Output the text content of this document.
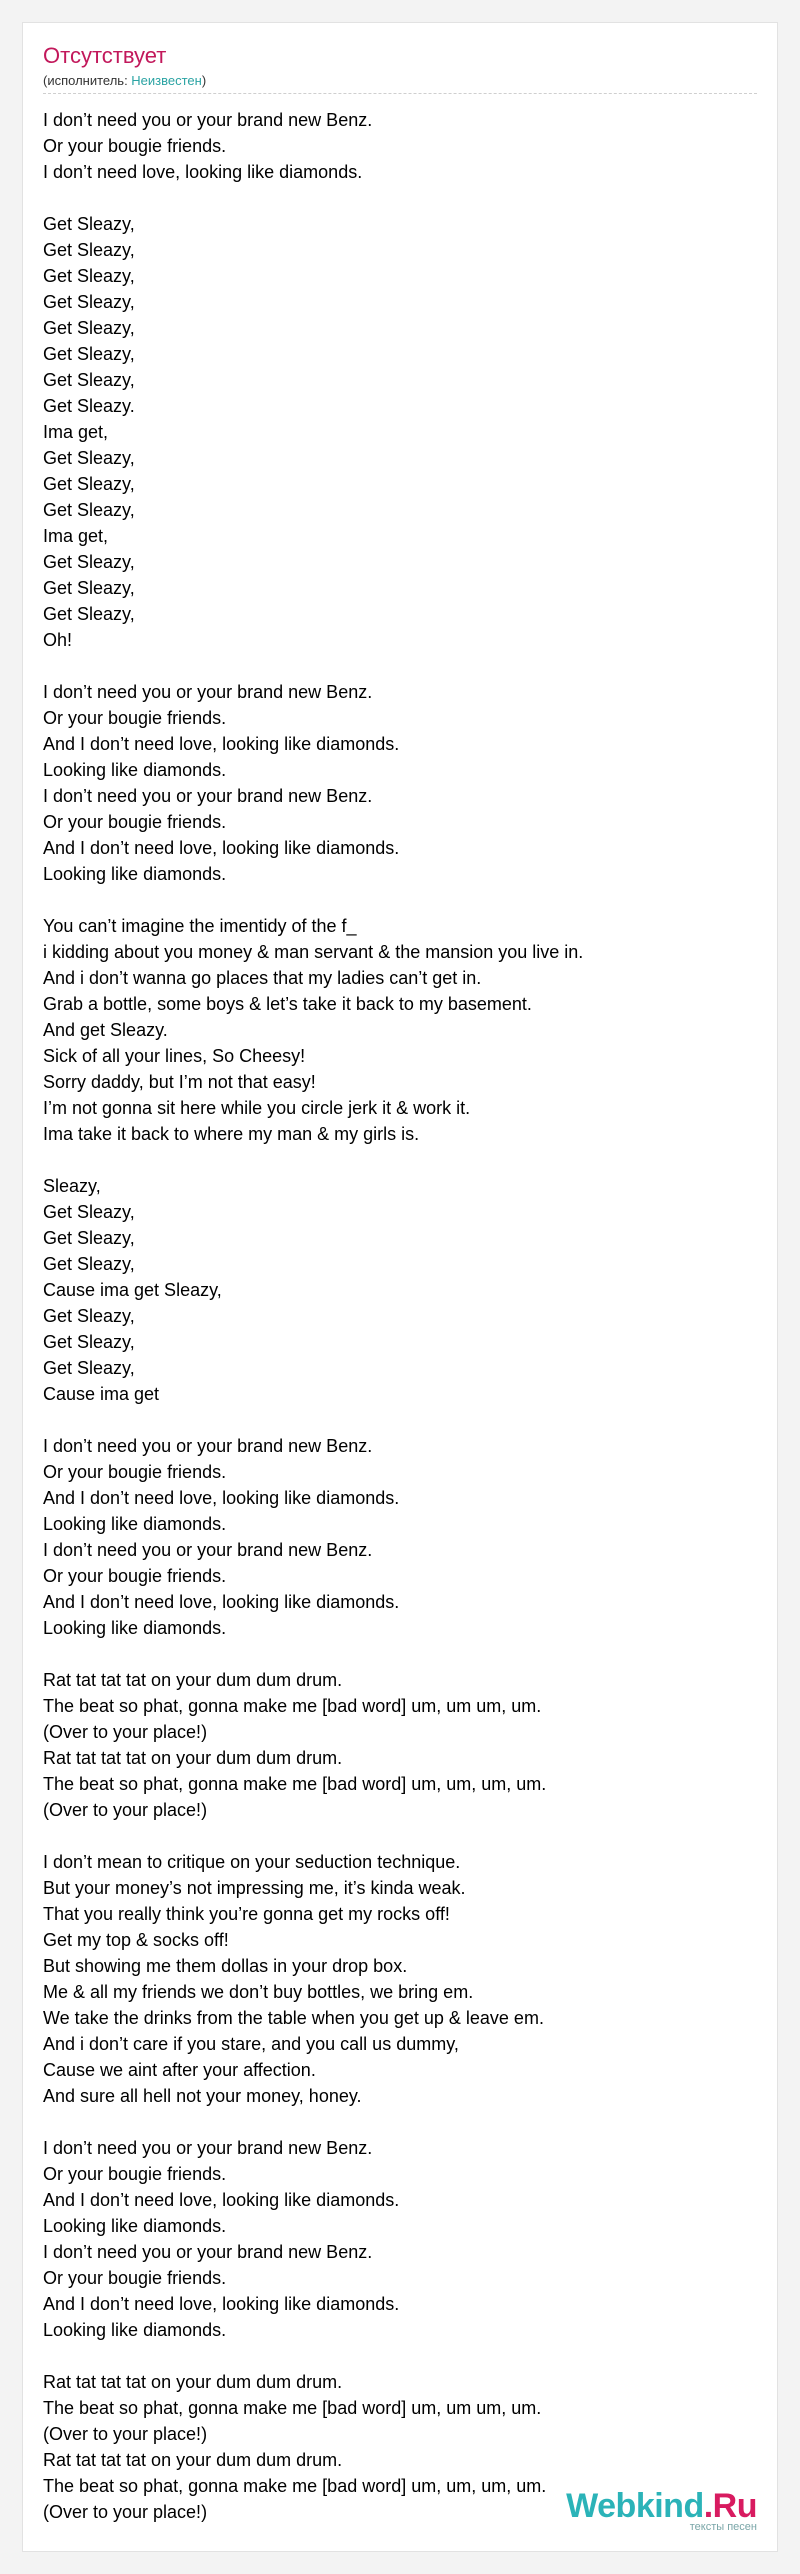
Отсутствует
(исполнитель: Неизвестен)
I don’t need you or your brand new Benz.
Or your bougie friends.
I don’t need love, looking like diamonds.
Get Sleazy,
Get Sleazy,
Get Sleazy,
Get Sleazy,
Get Sleazy,
Get Sleazy,
Get Sleazy,
Get Sleazy.
Ima get,
Get Sleazy,
Get Sleazy,
Get Sleazy,
Ima get,
Get Sleazy,
Get Sleazy,
Get Sleazy,
Oh!
I don’t need you or your brand new Benz.
Or your bougie friends.
And I don’t need love, looking like diamonds.
Looking like diamonds.
I don’t need you or your brand new Benz.
Or your bougie friends.
And I don’t need love, looking like diamonds.
Looking like diamonds.
You can’t imagine the imentidy of the f_
i kidding about you money & man servant & the mansion you live in.
And i don’t wanna go places that my ladies can’t get in.
Grab a bottle, some boys & let’s take it back to my basement.
And get Sleazy.
Sick of all your lines, So Cheesy!
Sorry daddy, but I’m not that easy!
I’m not gonna sit here while you circle jerk it & work it.
Ima take it back to where my man & my girls is.
Sleazy,
Get Sleazy,
Get Sleazy,
Get Sleazy,
Cause ima get Sleazy,
Get Sleazy,
Get Sleazy,
Get Sleazy,
Cause ima get
I don’t need you or your brand new Benz.
Or your bougie friends.
And I don’t need love, looking like diamonds.
Looking like diamonds.
I don’t need you or your brand new Benz.
Or your bougie friends.
And I don’t need love, looking like diamonds.
Looking like diamonds.
Rat tat tat tat on your dum dum drum.
The beat so phat, gonna make me [bad word] um, um um, um.
(Over to your place!)
Rat tat tat tat on your dum dum drum.
The beat so phat, gonna make me [bad word] um, um, um, um.
(Over to your place!)
I don’t mean to critique on your seduction technique.
But your money’s not impressing me, it’s kinda weak.
That you really think you’re gonna get my rocks off!
Get my top & socks off!
But showing me them dollas in your drop box.
Me & all my friends we don’t buy bottles, we bring em.
We take the drinks from the table when you get up & leave em.
And i don’t care if you stare, and you call us dummy,
Cause we aint after your affection.
And sure all hell not your money, honey.
I don’t need you or your brand new Benz.
Or your bougie friends.
And I don’t need love, looking like diamonds.
Looking like diamonds.
I don’t need you or your brand new Benz.
Or your bougie friends.
And I don’t need love, looking like diamonds.
Looking like diamonds.
Rat tat tat tat on your dum dum drum.
The beat so phat, gonna make me [bad word] um, um um, um.
(Over to your place!)
Rat tat tat tat on your dum dum drum.
The beat so phat, gonna make me [bad word] um, um, um, um.
(Over to your place!)	Webkind.Ru
тексты песен
